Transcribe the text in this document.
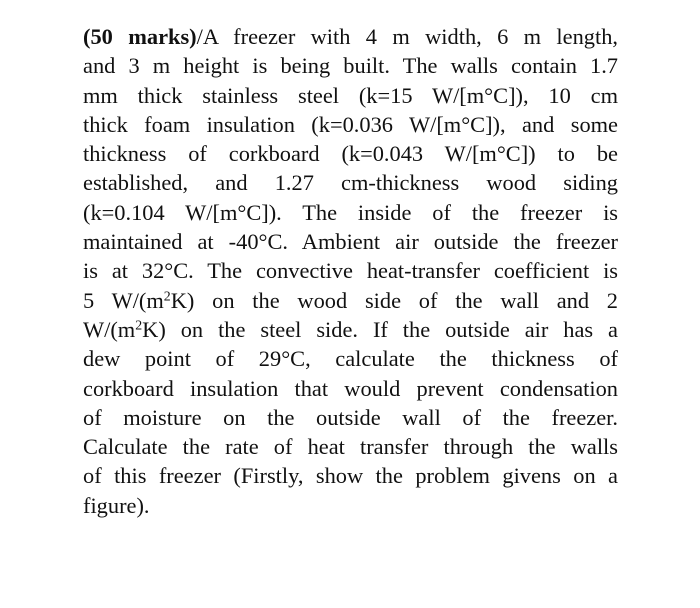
(50 marks)/A freezer with 4 m width, 6 m length,
and 3 m height is being built. The walls contain 1.7
mm thick stainless steel (k=15 W/[m°C]), 10 cm
thick foam insulation (k=0.036 W/[m°C]), and some
thickness of corkboard (k=0.043 W/[m°C]) to be
established, and 1.27 cm-thickness wood siding
(k=0.104 W/[m°C]). The inside of the freezer is
maintained at -40°C. Ambient air outside the freezer
is at 32°C. The convective heat-transfer coefficient is
5 $W/(m^2K)$ on the wood side of the wall and 2
$W/(m^2K)$ on the steel side. If the outside air has a
dew point of 29°C, calculate the thickness of
corkboard insulation that would prevent condensation
of moisture on the outside wall of the freezer.
Calculate the rate of heat transfer through the walls
of this freezer (Firstly, show the problem givens on a
figure).
